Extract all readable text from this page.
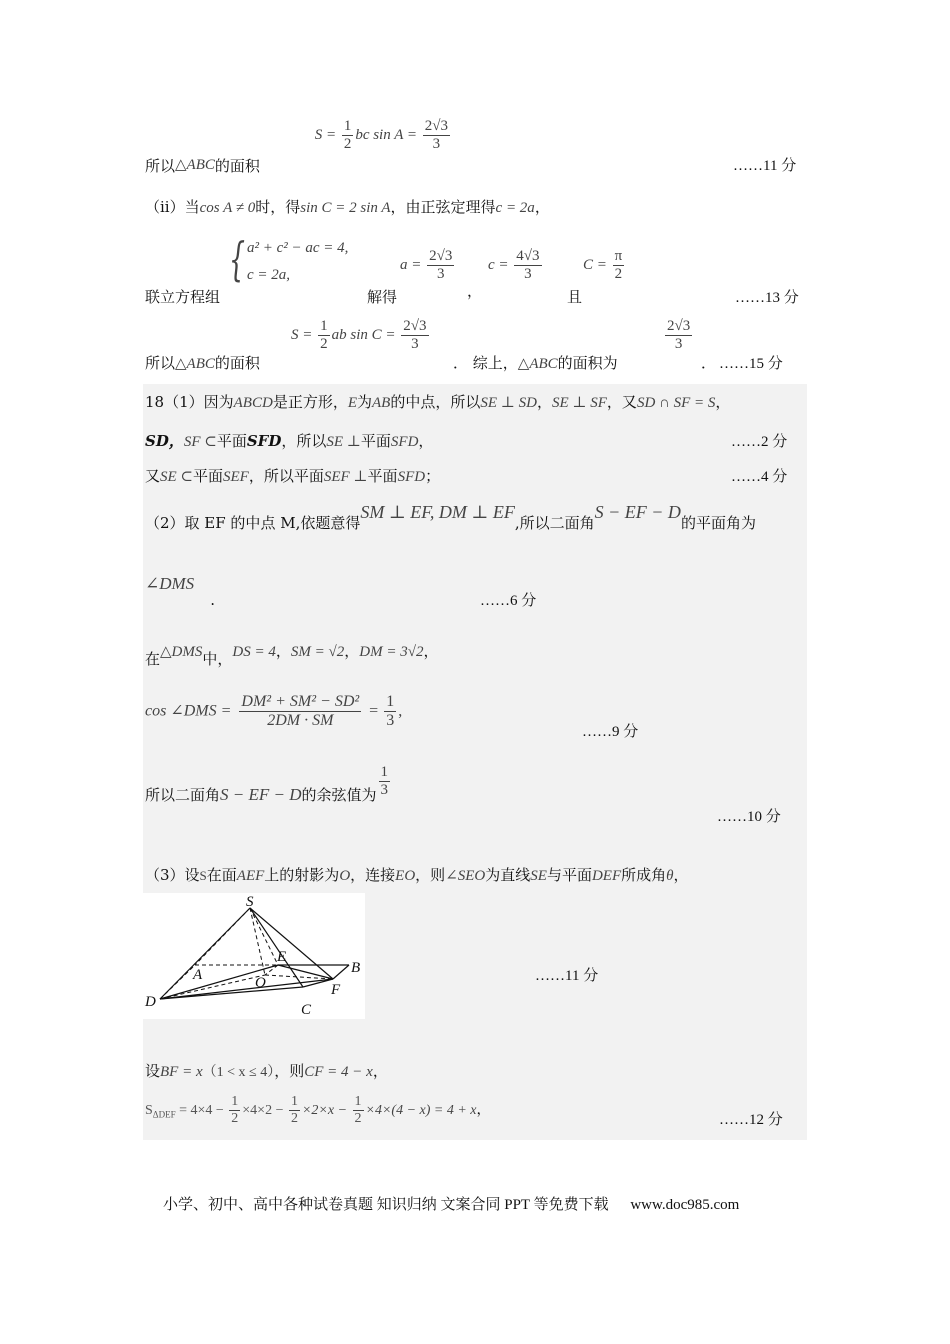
所以△ABC的面积 $S = \frac{1}{2}$ bc $\sin A = \frac{2√3}{3}$
……11 分
（ii）当cos A ≠ 0时，得sin C = 2 sin A，由正弦定理得c = 2a，
联立方程组
{ a² + c² − ac = 4,
c = 2a,
解得
$a = \frac{2√3}{3}$
，
$c = \frac{4√3}{3}$
且
$C = \frac{\pi}{2}$
……13 分
所以△ABC的面积
$S = \frac{1}{2}$ ab $\sin C = \frac{2√3}{3}$
． 综上，△ABC的面积为
$\frac{2√3}{3}$
． ……15 分
18（1）因为ABCD是正方形，E为AB的中点，所以SE ⊥ SD，SE ⊥ SF，又SD ∩ SF = S，
SD，SF ⊂平面SFD，所以SE ⊥平面SFD，	……2 分
又SE ⊂平面SEF，所以平面SEF ⊥平面SFD；	……4 分
（2）取 EF 的中点 M,依题意得SM ⊥ EF, DM ⊥ EF,所以二面角S − EF − D的平面角为
∠DMS.	……6 分
在△DMS中，DS = 4，SM = √2，DM = 3√2，
cos ∠DMS = $\frac{\text{DM² + SM² − SD²}}{2DM \cdot SM} = \frac{1}{3}$ ,
……9 分
所以二面角S − EF − D的余弦值为 $\frac{1}{3}$
……10 分
（3）设S在面AEF上的射影为O，连接EO，则∠SEO为直线SE与平面DEF所成角θ，
S
E
A	B
O	F
D	C
……11 分
设BF = x（1 < x ≤ 4），则CF = 4 − x，
$S_{\Delta DEF} = 4\times 4 - \frac{1}{2} \times 4\times 2 - \frac{1}{2} \times 2\times x - \frac{1}{2} \times 4\times(4 - x) = 4 + x$，
……12 分
小学、初中、高中各种试卷真题 知识归纳 文案合同 PPT 等免费下载 www.doc985.com
